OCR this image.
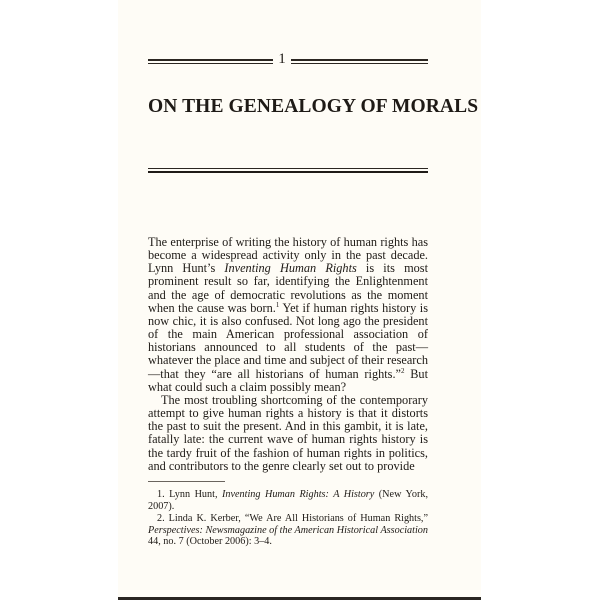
1
ON THE GENEALOGY OF MORALS

The enterprise of writing the history of human rights has become a widespread activity only in the past decade. Lynn Hunt’s Inventing Human Rights is its most prominent result so far, identifying the Enlightenment and the age of democratic revolutions as the moment when the cause was born.$^1$ Yet if human rights history is now chic, it is also confused. Not long ago the president of the main American professional association of historians announced to all students of the past—whatever the place and time and subject of their research—that they “are all historians of human rights.”$^2$ But what could such a claim possibly mean?

The most troubling shortcoming of the contemporary attempt to give human rights a history is that it distorts the past to suit the present. And in this gambit, it is late, fatally late: the current wave of human rights history is the tardy fruit of the fashion of human rights in politics, and contributors to the genre clearly set out to provide

1. Lynn Hunt, Inventing Human Rights: A History (New York, 2007).

2. Linda K. Kerber, “We Are All Historians of Human Rights,” Perspectives: Newsmagazine of the American Historical Association 44, no. 7 (October 2006): 3–4.
